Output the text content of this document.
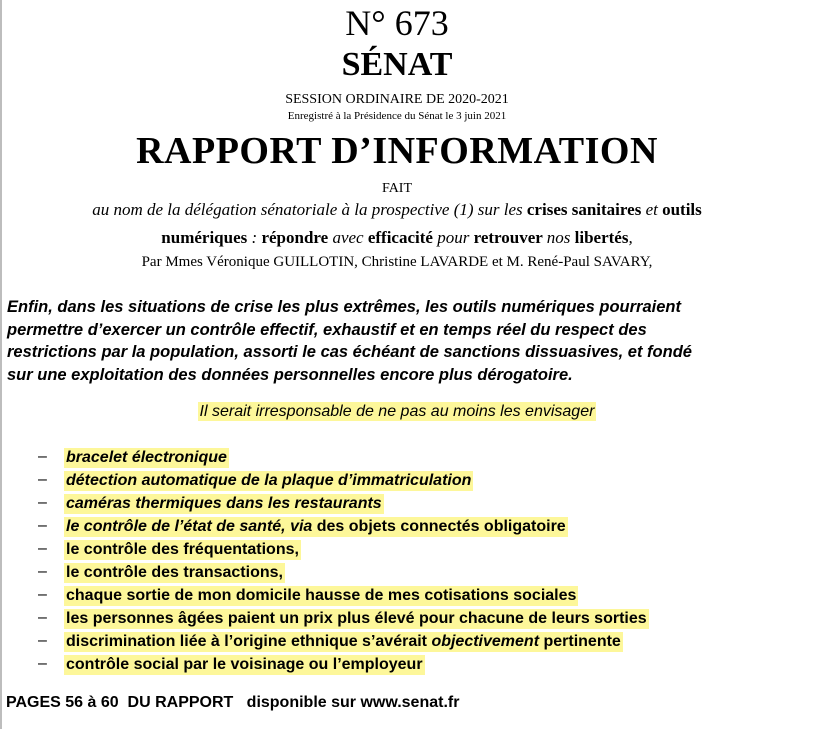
N° 673
SÉNAT
SESSION ORDINAIRE DE 2020-2021
Enregistré à la Présidence du Sénat le 3 juin 2021
RAPPORT D’INFORMATION
FAIT
au nom de la délégation sénatoriale à la prospective (1) sur les crises sanitaires et outils
numériques : répondre avec efficacité pour retrouver nos libertés,
Par Mmes Véronique GUILLOTIN, Christine LAVARDE et M. René-Paul SAVARY,
Enfin, dans les situations de crise les plus extrêmes, les outils numériques pourraient
permettre d’exercer un contrôle effectif, exhaustif et en temps réel du respect des
restrictions par la population, assorti le cas échéant de sanctions dissuasives, et fondé
sur une exploitation des données personnelles encore plus dérogatoire.
Il serait irresponsable de ne pas au moins les envisager
– bracelet électronique
– détection automatique de la plaque d’immatriculation
– caméras thermiques dans les restaurants
– le contrôle de l’état de santé, via des objets connectés obligatoire
– le contrôle des fréquentations,
– le contrôle des transactions,
– chaque sortie de mon domicile hausse de mes cotisations sociales
– les personnes âgées paient un prix plus élevé pour chacune de leurs sorties
– discrimination liée à l’origine ethnique s’avérait objectivement pertinente
– contrôle social par le voisinage ou l’employeur
PAGES 56 à 60  DU RAPPORT   disponible sur www.senat.fr
